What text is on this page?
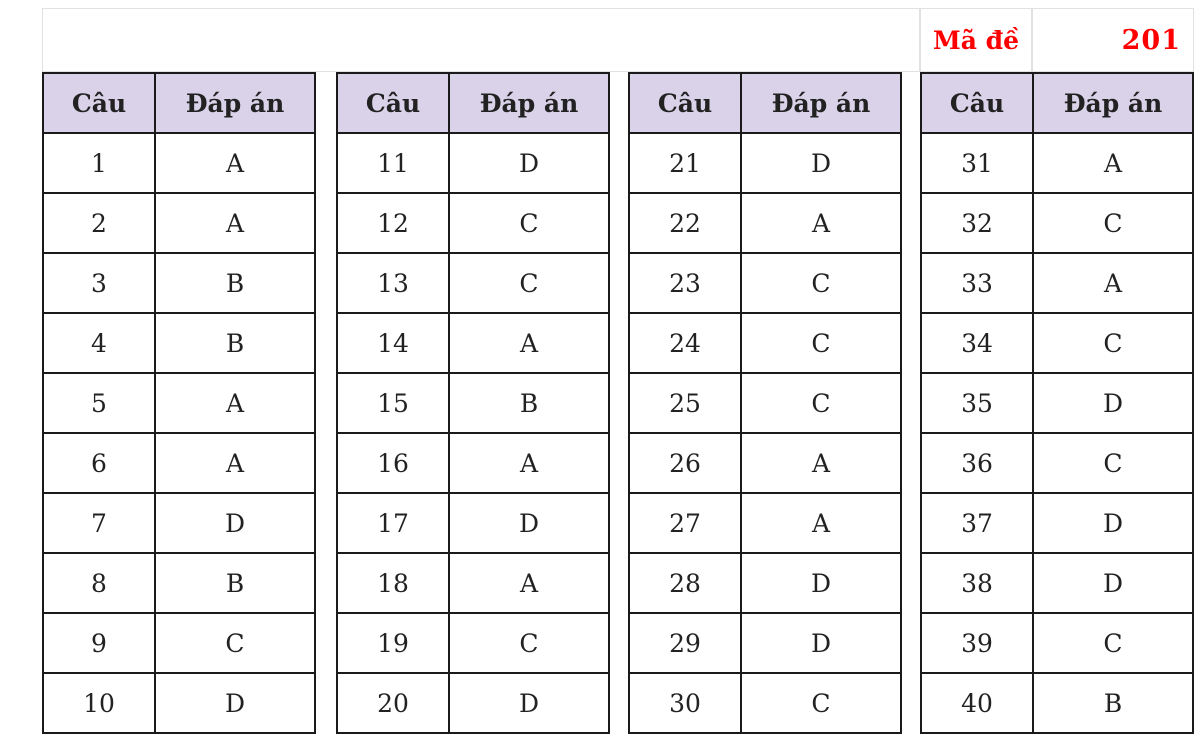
Mã đề	201
Câu	Đáp án
1	A
2	A
3	B
4	B
5	A
6	A
7	D
8	B
9	C
10	D
Câu	Đáp án
11	D
12	C
13	C
14	A
15	B
16	A
17	D
18	A
19	C
20	D
Câu	Đáp án
21	D
22	A
23	C
24	C
25	C
26	A
27	A
28	D
29	D
30	C
Câu	Đáp án
31	A
32	C
33	A
34	C
35	D
36	C
37	D
38	D
39	C
40	B
